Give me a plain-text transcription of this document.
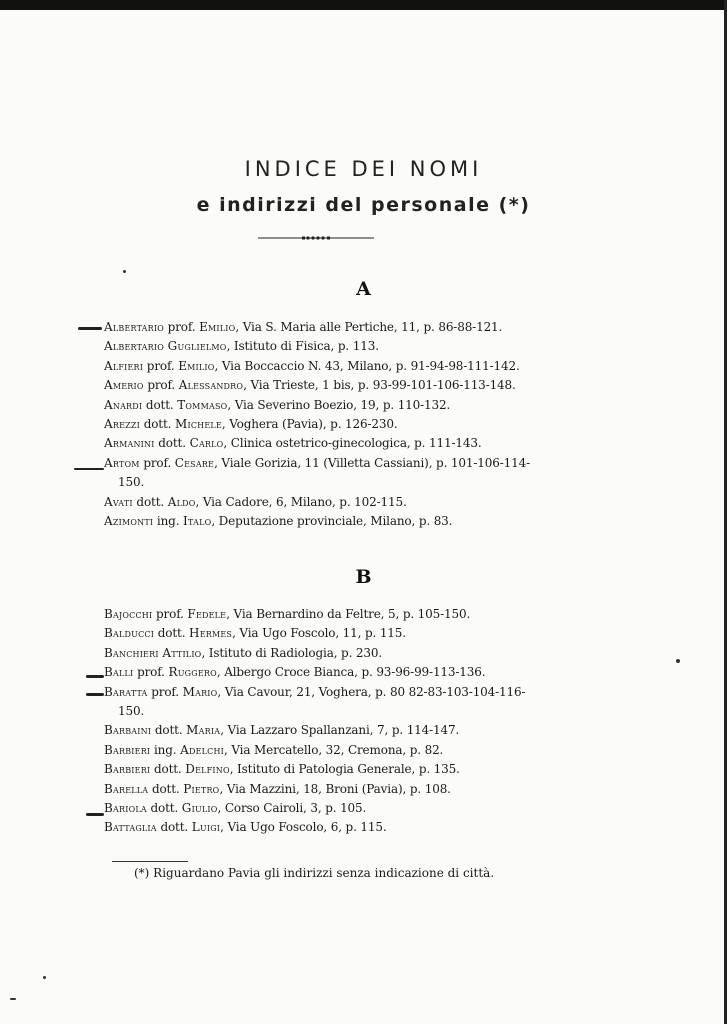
INDICE DEI NOMI
e indirizzi del personale (*)
A
Albertario prof. Emilio, Via S. Maria alle Pertiche, 11, p. 86-88-121.
Albertario Guglielmo, Istituto di Fisica, p. 113.
Alfieri prof. Emilio, Via Boccaccio N. 43, Milano, p. 91-94-98-111-142.
Amerio prof. Alessandro, Via Trieste, 1 bis, p. 93-99-101-106-113-148.
Anardi dott. Tommaso, Via Severino Boezio, 19, p. 110-132.
Arezzi dott. Michele, Voghera (Pavia), p. 126-230.
Armanini dott. Carlo, Clinica ostetrico-ginecologica, p. 111-143.
Artom prof. Cesare, Viale Gorizia, 11 (Villetta Cassiani), p. 101-106-114-150.
Avati dott. Aldo, Via Cadore, 6, Milano, p. 102-115.
Azimonti ing. Italo, Deputazione provinciale, Milano, p. 83.
B
Bajocchi prof. Fedele, Via Bernardino da Feltre, 5, p. 105-150.
Balducci dott. Hermes, Via Ugo Foscolo, 11, p. 115.
Banchieri Attilio, Istituto di Radiologia, p. 230.
Balli prof. Ruggero, Albergo Croce Bianca, p. 93-96-99-113-136.
Baratta prof. Mario, Via Cavour, 21, Voghera, p. 80 82-83-103-104-116-150.
Barbaini dott. Maria, Via Lazzaro Spallanzani, 7, p. 114-147.
Barbieri ing. Adelchi, Via Mercatello, 32, Cremona, p. 82.
Barbieri dott. Delfino, Istituto di Patologia Generale, p. 135.
Barella dott. Pietro, Via Mazzini, 18, Broni (Pavia), p. 108.
Bariola dott. Giulio, Corso Cairoli, 3, p. 105.
Battaglia dott. Luigi, Via Ugo Foscolo, 6, p. 115.
(*) Riguardano Pavia gli indirizzi senza indicazione di città.
